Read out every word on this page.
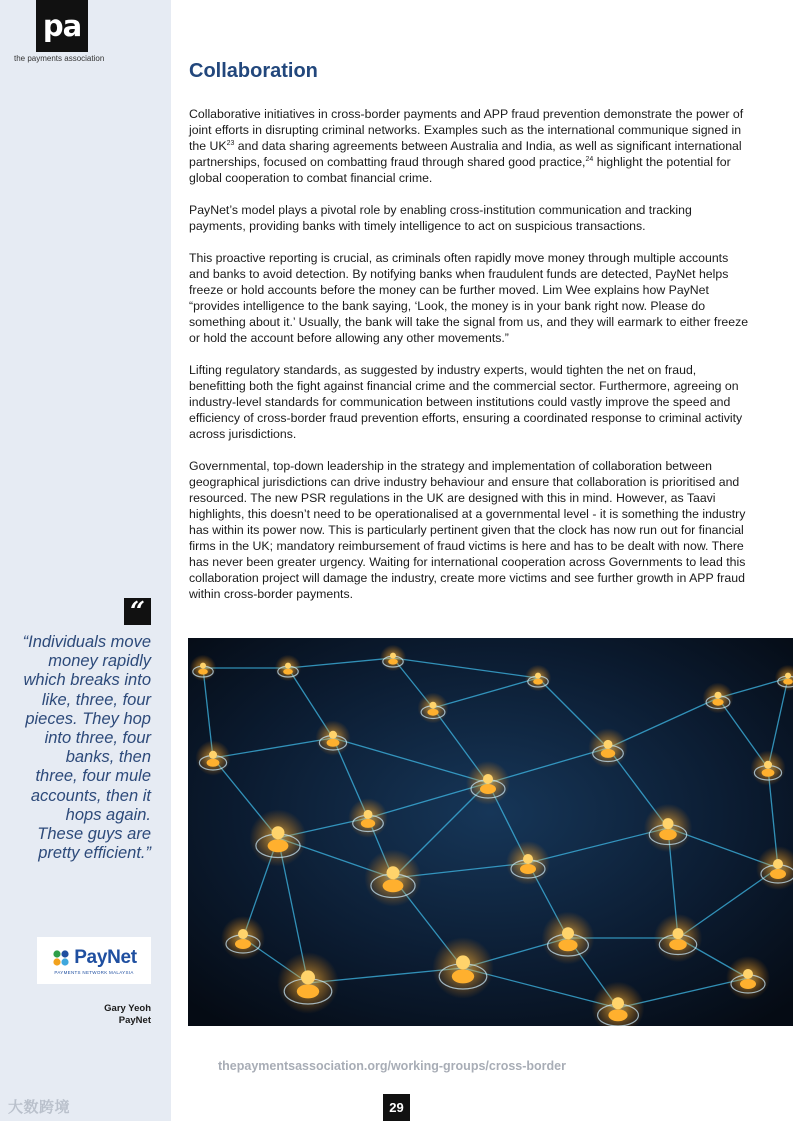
pa
the payments association
“
“Individuals move money rapidly which breaks into like, three, four pieces. They hop into three, four banks, then three, four mule accounts, then it hops again. These guys are pretty efficient.”
PayNet
PAYMENTS NETWORK MALAYSIA
Gary Yeoh
PayNet
大数跨境
Collaboration

Collaborative initiatives in cross-border payments and APP fraud prevention demonstrate the power of joint efforts in disrupting criminal networks. Examples such as the international communique signed in the UK$^{23}$ and data sharing agreements between Australia and India, as well as significant international partnerships, focused on combatting fraud through shared good practice,$^{24}$ highlight the potential for global cooperation to combat financial crime.

PayNet’s model plays a pivotal role by enabling cross-institution communication and tracking payments, providing banks with timely intelligence to act on suspicious transactions.

This proactive reporting is crucial, as criminals often rapidly move money through multiple accounts and banks to avoid detection. By notifying banks when fraudulent funds are detected, PayNet helps freeze or hold accounts before the money can be further moved. Lim Wee explains how PayNet “provides intelligence to the bank saying, ‘Look, the money is in your bank right now. Please do something about it.’ Usually, the bank will take the signal from us, and they will earmark to either freeze or hold the account before allowing any other movements.”

Lifting regulatory standards, as suggested by industry experts, would tighten the net on fraud, benefitting both the fight against financial crime and the commercial sector. Furthermore, agreeing on industry-level standards for communication between institutions could vastly improve the speed and efficiency of cross-border fraud prevention efforts, ensuring a coordinated response to criminal activity across jurisdictions.

Governmental, top-down leadership in the strategy and implementation of collaboration between geographical jurisdictions can drive industry behaviour and ensure that collaboration is prioritised and resourced. The new PSR regulations in the UK are designed with this in mind. However, as Taavi highlights, this doesn’t need to be operationalised at a governmental level - it is something the industry has within its power now. This is particularly pertinent given that the clock has now run out for financial firms in the UK; mandatory reimbursement of fraud victims is here and has to be dealt with now. There has never been greater urgency. Waiting for international cooperation across Governments to lead this collaboration project will damage the industry, create more victims and see further growth in APP fraud within cross-border payments.

thepaymentsassociation.org/working-groups/cross-border
29
